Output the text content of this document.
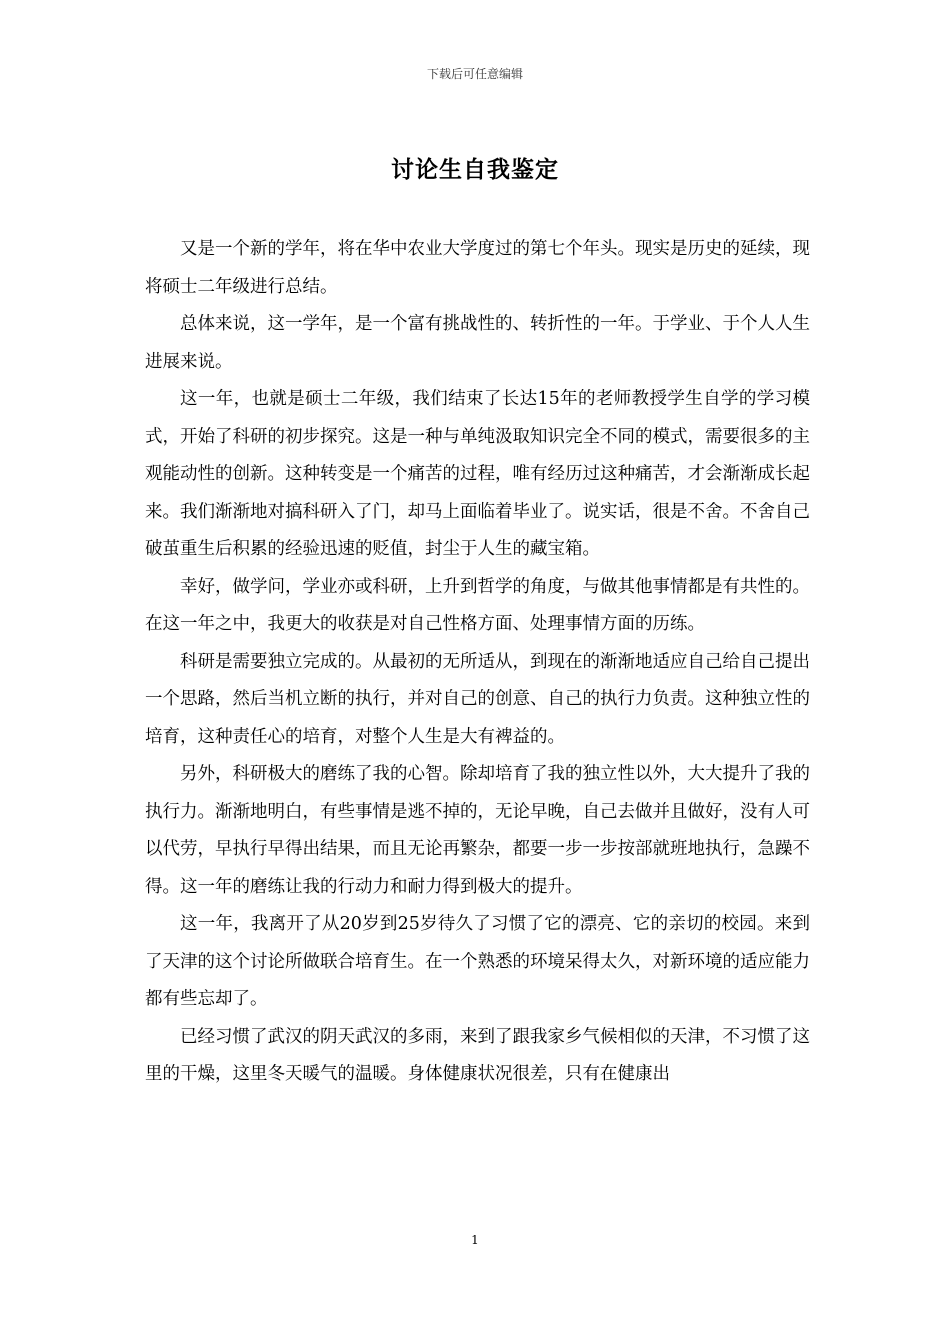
下载后可任意编辑
讨论生自我鉴定

又是一个新的学年，将在华中农业大学度过的第七个年头。现实是历史的延续，现将硕士二年级进行总结。

总体来说，这一学年，是一个富有挑战性的、转折性的一年。于学业、于个人人生进展来说。

这一年，也就是硕士二年级，我们结束了长达15年的老师教授学生自学的学习模式，开始了科研的初步探究。这是一种与单纯汲取知识完全不同的模式，需要很多的主观能动性的创新。这种转变是一个痛苦的过程，唯有经历过这种痛苦，才会渐渐成长起来。我们渐渐地对搞科研入了门，却马上面临着毕业了。说实话，很是不舍。不舍自己破茧重生后积累的经验迅速的贬值，封尘于人生的藏宝箱。

幸好，做学问，学业亦或科研，上升到哲学的角度，与做其他事情都是有共性的。在这一年之中，我更大的收获是对自己性格方面、处理事情方面的历练。

科研是需要独立完成的。从最初的无所适从，到现在的渐渐地适应自己给自己提出一个思路，然后当机立断的执行，并对自己的创意、自己的执行力负责。这种独立性的培育，这种责任心的培育，对整个人生是大有裨益的。

另外，科研极大的磨练了我的心智。除却培育了我的独立性以外，大大提升了我的执行力。渐渐地明白，有些事情是逃不掉的，无论早晚，自己去做并且做好，没有人可以代劳，早执行早得出结果，而且无论再繁杂，都要一步一步按部就班地执行，急躁不得。这一年的磨练让我的行动力和耐力得到极大的提升。

这一年，我离开了从20岁到25岁待久了习惯了它的漂亮、它的亲切的校园。来到了天津的这个讨论所做联合培育生。在一个熟悉的环境呆得太久，对新环境的适应能力都有些忘却了。

已经习惯了武汉的阴天武汉的多雨，来到了跟我家乡气候相似的天津，不习惯了这里的干燥，这里冬天暖气的温暖。身体健康状况很差，只有在健康出

1
